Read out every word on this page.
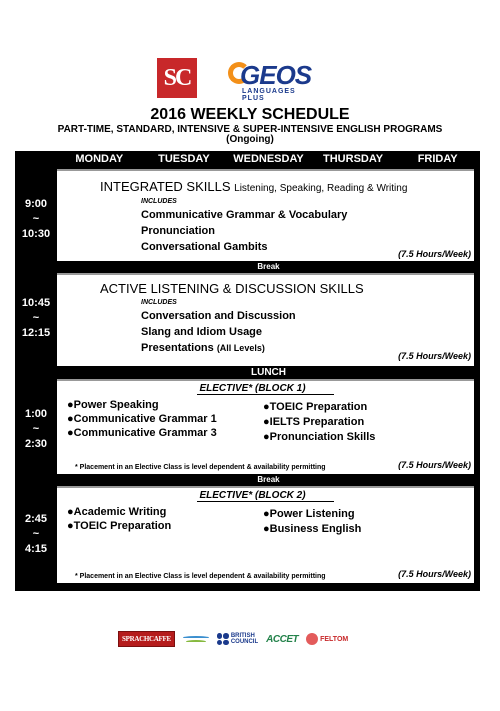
SC GEOS
LANGUAGES PLUS
2016 WEEKLY SCHEDULE
PART-TIME, STANDARD, INTENSIVE & SUPER-INTENSIVE ENGLISH PROGRAMS
(Ongoing)
MONDAY	TUESDAY	WEDNESDAY	THURSDAY	FRIDAY
9:00
~
10:30
INTEGRATED SKILLS Listening, Speaking, Reading & Writing
INCLUDES
Communicative Grammar & Vocabulary
Pronunciation
Conversational Gambits
(7.5 Hours/Week)
Break
10:45
~
12:15
ACTIVE LISTENING & DISCUSSION SKILLS
INCLUDES
Conversation and Discussion
Slang and Idiom Usage
Presentations (All Levels)
(7.5 Hours/Week)
LUNCH
1:00
~
2:30
ELECTIVE* (BLOCK 1)
●Power Speaking
●Communicative Grammar 1
●Communicative Grammar 3
●TOEIC Preparation
●IELTS Preparation
●Pronunciation Skills
* Placement in an Elective Class is level dependent & availability permitting	(7.5 Hours/Week)
Break
2:45
~
4:15
ELECTIVE* (BLOCK 2)
●Academic Writing
●TOEIC Preparation
●Power Listening
●Business English
* Placement in an Elective Class is level dependent & availability permitting	(7.5 Hours/Week)
SPRACHCAFFE	BRITISH
COUNCIL ACCET	FELTOM
